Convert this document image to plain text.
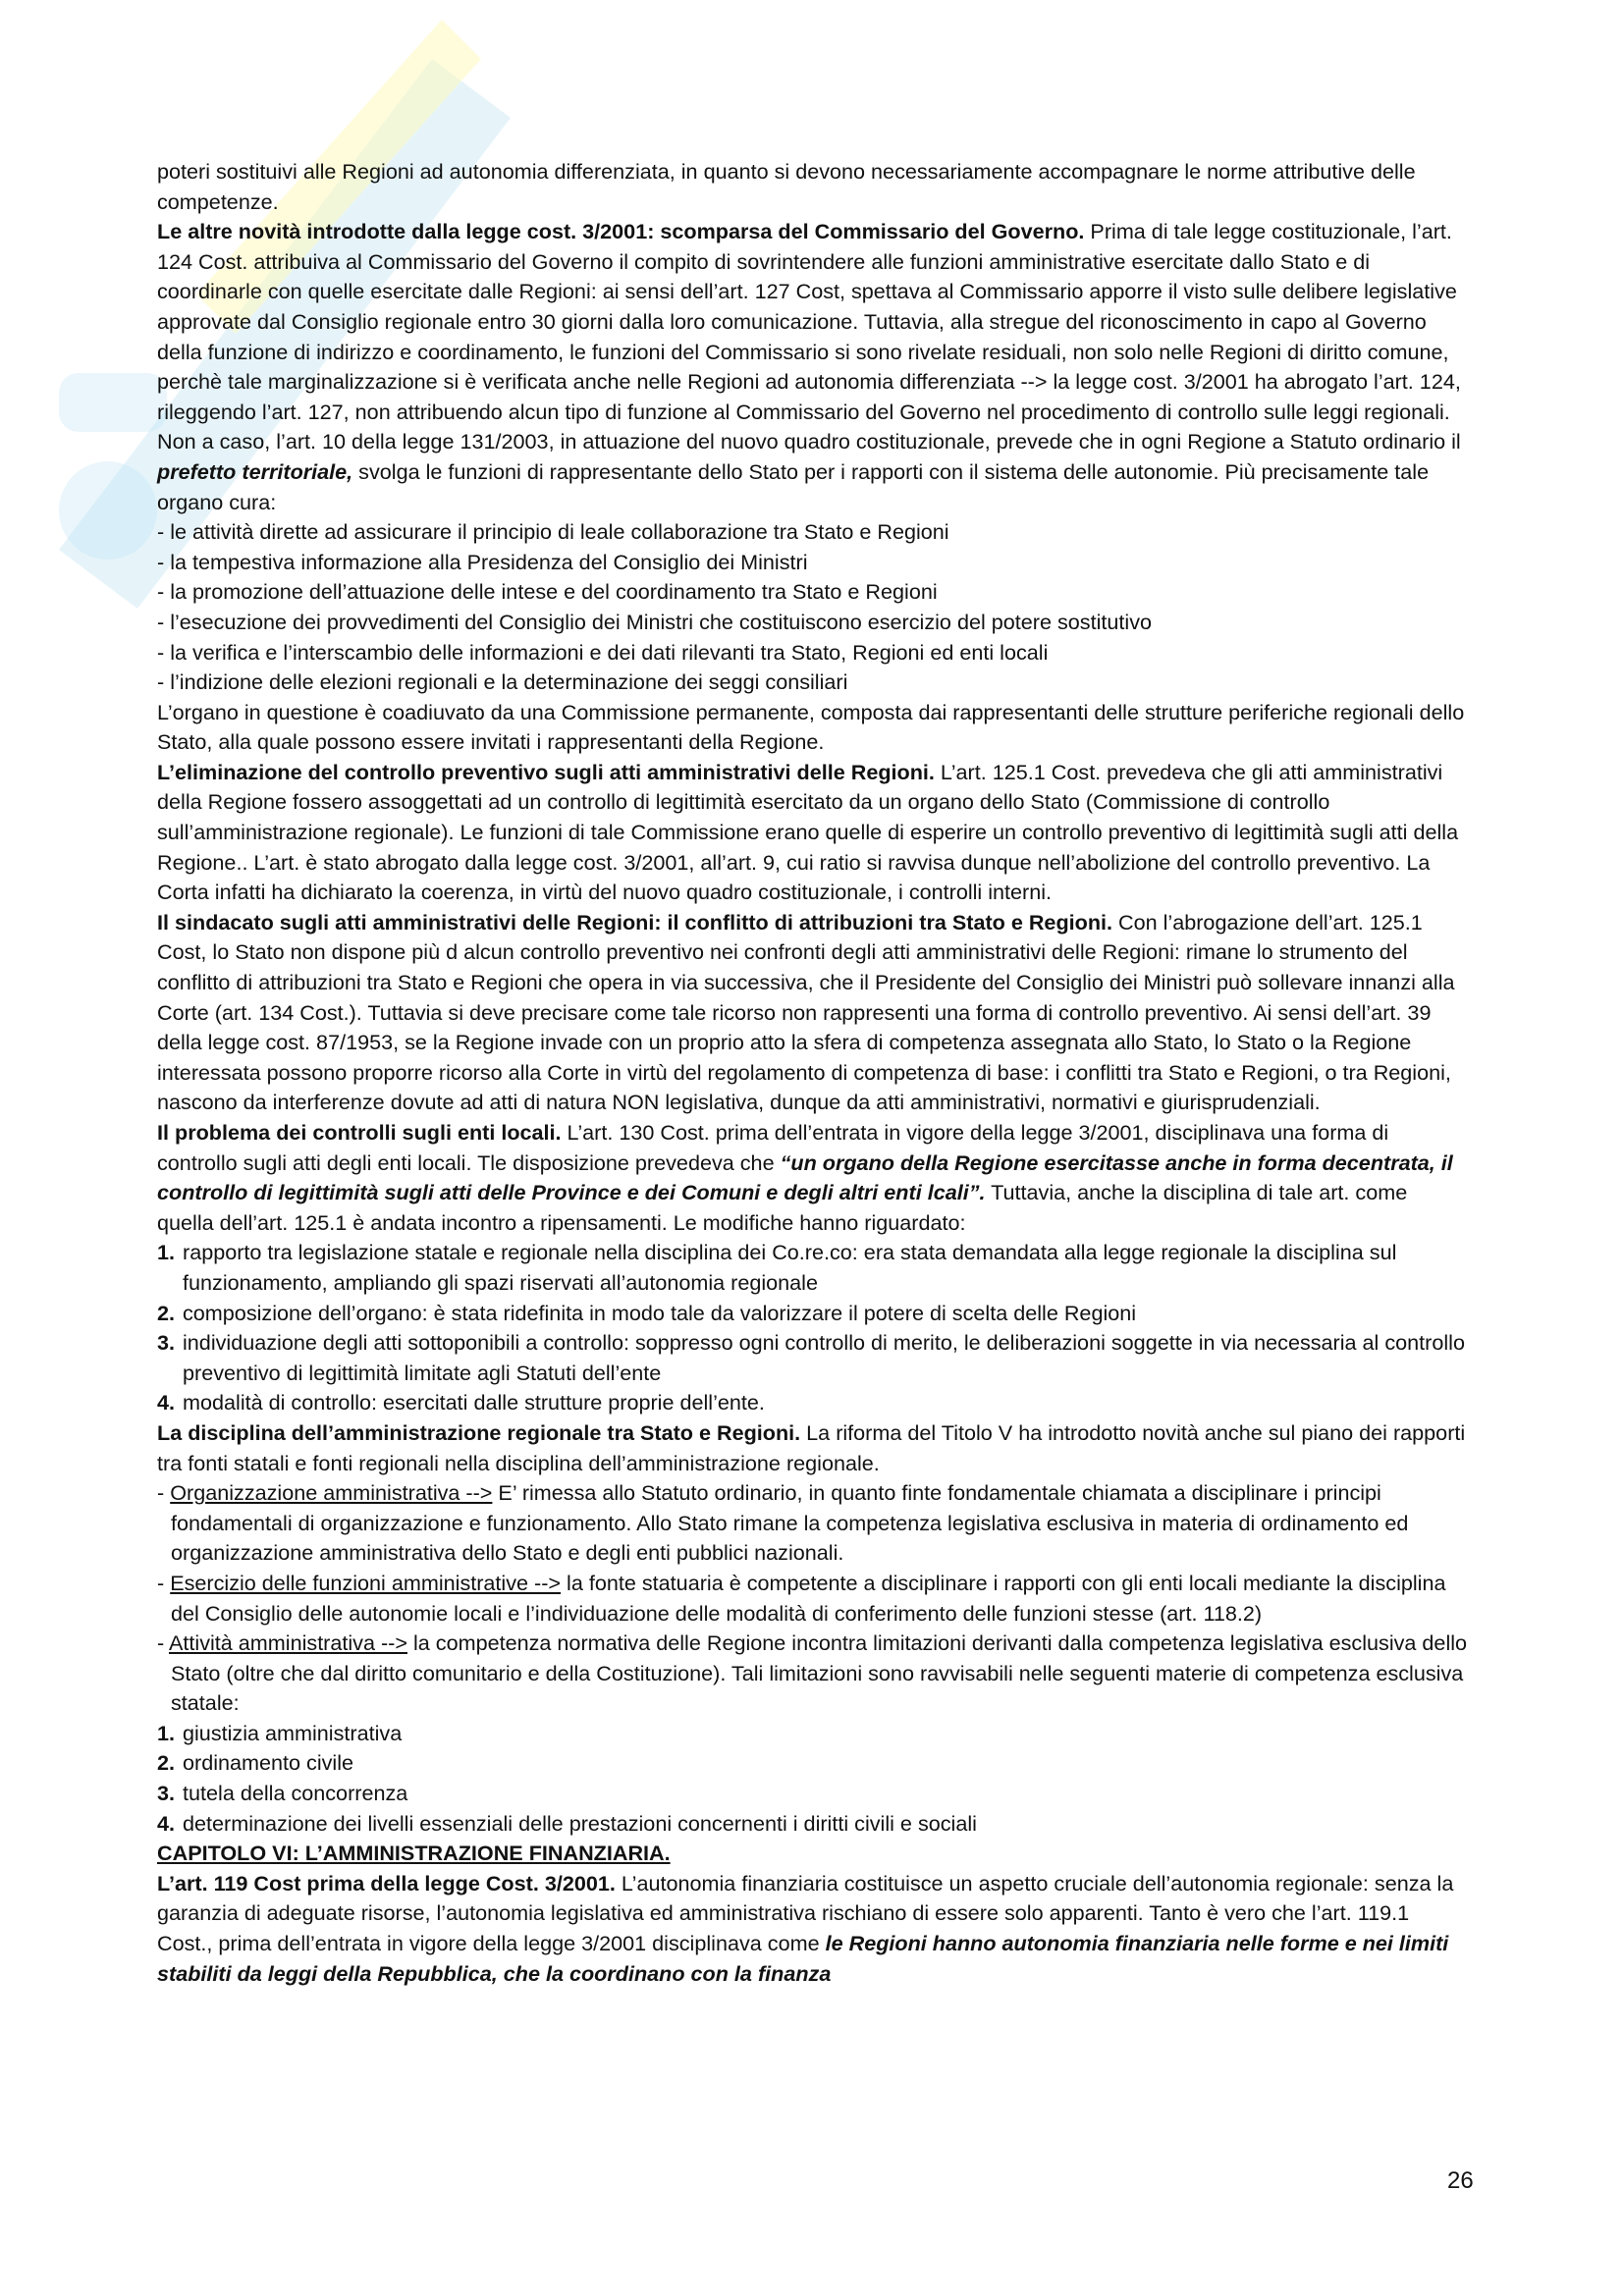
poteri sostituivi alle Regioni ad autonomia differenziata, in quanto si devono necessariamente accompagnare le norme attributive delle competenze.

Le altre novità introdotte dalla legge cost. 3/2001: scomparsa del Commissario del Governo. Prima di tale legge costituzionale, l’art. 124 Cost. attribuiva al Commissario del Governo il compito di sovrintendere alle funzioni amministrative esercitate dallo Stato e di coordinarle con quelle esercitate dalle Regioni: ai sensi dell’art. 127 Cost, spettava al Commissario apporre il visto sulle delibere legislative approvate dal Consiglio regionale entro 30 giorni dalla loro comunicazione. Tuttavia, alla stregue del riconoscimento in capo al Governo della funzione di indirizzo e coordinamento, le funzioni del Commissario si sono rivelate residuali, non solo nelle Regioni di diritto comune, perchè tale marginalizzazione si è verificata anche nelle Regioni ad autonomia differenziata --> la legge cost. 3/2001 ha abrogato l’art. 124, rileggendo l’art. 127, non attribuendo alcun tipo di funzione al Commissario del Governo nel procedimento di controllo sulle leggi regionali. Non a caso, l’art. 10 della legge 131/2003, in attuazione del nuovo quadro costituzionale, prevede che in ogni Regione a Statuto ordinario il prefetto territoriale, svolga le funzioni di rappresentante dello Stato per i rapporti con il sistema delle autonomie. Più precisamente tale organo cura:

- le attività dirette ad assicurare il principio di leale collaborazione tra Stato e Regioni

- la tempestiva informazione alla Presidenza del Consiglio dei Ministri

- la promozione dell’attuazione delle intese e del coordinamento tra Stato e Regioni

- l’esecuzione dei provvedimenti del Consiglio dei Ministri che costituiscono esercizio del potere sostitutivo

- la verifica e l’interscambio delle informazioni e dei dati rilevanti tra Stato, Regioni ed enti locali

- l’indizione delle elezioni regionali e la determinazione dei seggi consiliari

L’organo in questione è coadiuvato da una Commissione permanente, composta dai rappresentanti delle strutture periferiche regionali dello Stato, alla quale possono essere invitati i rappresentanti della Regione.

L’eliminazione del controllo preventivo sugli atti amministrativi delle Regioni. L’art. 125.1 Cost. prevedeva che gli atti amministrativi della Regione fossero assoggettati ad un controllo di legittimità esercitato da un organo dello Stato (Commissione di controllo sull’amministrazione regionale). Le funzioni di tale Commissione erano quelle di esperire un controllo preventivo di legittimità sugli atti della Regione.. L’art. è stato abrogato dalla legge cost. 3/2001, all’art. 9, cui ratio si ravvisa dunque nell’abolizione del controllo preventivo. La Corta infatti ha dichiarato la coerenza, in virtù del nuovo quadro costituzionale, i controlli interni.

Il sindacato sugli atti amministrativi delle Regioni: il conflitto di attribuzioni tra Stato e Regioni. Con l’abrogazione dell’art. 125.1 Cost, lo Stato non dispone più d alcun controllo preventivo nei confronti degli atti amministrativi delle Regioni: rimane lo strumento del conflitto di attribuzioni tra Stato e Regioni che opera in via successiva, che il Presidente del Consiglio dei Ministri può sollevare innanzi alla Corte (art. 134 Cost.). Tuttavia si deve precisare come tale ricorso non rappresenti una forma di controllo preventivo. Ai sensi dell’art. 39 della legge cost. 87/1953, se la Regione invade con un proprio atto la sfera di competenza assegnata allo Stato, lo Stato o la Regione interessata possono proporre ricorso alla Corte in virtù del regolamento di competenza di base: i conflitti tra Stato e Regioni, o tra Regioni, nascono da interferenze dovute ad atti di natura NON legislativa, dunque da atti amministrativi, normativi e giurisprudenziali.

Il problema dei controlli sugli enti locali. L’art. 130 Cost. prima dell’entrata in vigore della legge 3/2001, disciplinava una forma di controllo sugli atti degli enti locali. Tle disposizione prevedeva che “un organo della Regione esercitasse anche in forma decentrata, il controllo di legittimità sugli atti delle Province e dei Comuni e degli altri enti lcali”. Tuttavia, anche la disciplina di tale art. come quella dell’art. 125.1 è andata incontro a ripensamenti. Le modifiche hanno riguardato:

1. rapporto tra legislazione statale e regionale nella disciplina dei Co.re.co: era stata demandata alla legge regionale la disciplina sul funzionamento, ampliando gli spazi riservati all’autonomia regionale
2. composizione dell’organo: è stata ridefinita in modo tale da valorizzare il potere di scelta delle Regioni
3. individuazione degli atti sottoponibili a controllo: soppresso ogni controllo di merito, le deliberazioni soggette in via necessaria al controllo preventivo di legittimità limitate agli Statuti dell’ente
4. modalità di controllo: esercitati dalle strutture proprie dell’ente.

La disciplina dell’amministrazione regionale tra Stato e Regioni. La riforma del Titolo V ha introdotto novità anche sul piano dei rapporti tra fonti statali e fonti regionali nella disciplina dell’amministrazione regionale.

- Organizzazione amministrativa --> E’ rimessa allo Statuto ordinario, in quanto finte fondamentale chiamata a disciplinare i principi fondamentali di organizzazione e funzionamento. Allo Stato rimane la competenza legislativa esclusiva in materia di ordinamento ed organizzazione amministrativa dello Stato e degli enti pubblici nazionali.

- Esercizio delle funzioni amministrative --> la fonte statuaria è competente a disciplinare i rapporti con gli enti locali mediante la disciplina del Consiglio delle autonomie locali e l’individuazione delle modalità di conferimento delle funzioni stesse (art. 118.2)

- Attività amministrativa --> la competenza normativa delle Regione incontra limitazioni derivanti dalla competenza legislativa esclusiva dello Stato (oltre che dal diritto comunitario e della Costituzione). Tali limitazioni sono ravvisabili nelle seguenti materie di competenza esclusiva statale:

1. giustizia amministrativa
2. ordinamento civile
3. tutela della concorrenza
4. determinazione dei livelli essenziali delle prestazioni concernenti i diritti civili e sociali

CAPITOLO VI: L’AMMINISTRAZIONE FINANZIARIA.

L’art. 119 Cost prima della legge Cost. 3/2001. L’autonomia finanziaria costituisce un aspetto cruciale dell’autonomia regionale: senza la garanzia di adeguate risorse, l’autonomia legislativa ed amministrativa rischiano di essere solo apparenti. Tanto è vero che l’art. 119.1 Cost., prima dell’entrata in vigore della legge 3/2001 disciplinava come le Regioni hanno autonomia finanziaria nelle forme e nei limiti stabiliti da leggi della Repubblica, che la coordinano con la finanza

26
